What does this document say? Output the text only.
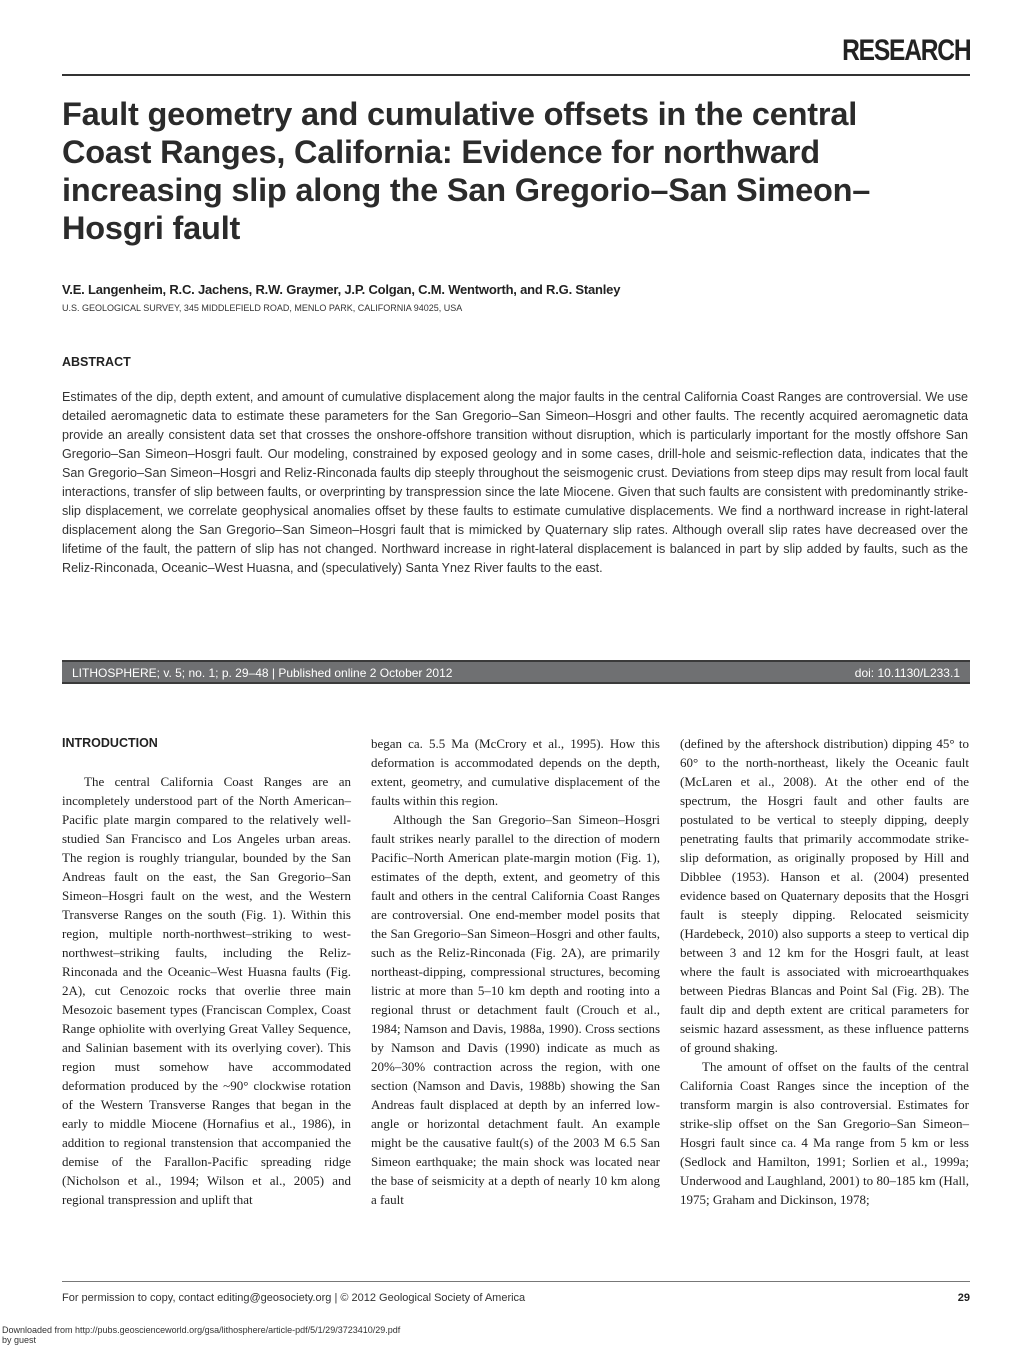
RESEARCH
Fault geometry and cumulative offsets in the central Coast Ranges, California: Evidence for northward increasing slip along the San Gregorio–San Simeon–Hosgri fault
V.E. Langenheim, R.C. Jachens, R.W. Graymer, J.P. Colgan, C.M. Wentworth, and R.G. Stanley
U.S. GEOLOGICAL SURVEY, 345 MIDDLEFIELD ROAD, MENLO PARK, CALIFORNIA 94025, USA
ABSTRACT

Estimates of the dip, depth extent, and amount of cumulative displacement along the major faults in the central California Coast Ranges are controversial. We use detailed aeromagnetic data to estimate these parameters for the San Gregorio–San Simeon–Hosgri and other faults. The recently acquired aeromagnetic data provide an areally consistent data set that crosses the onshore-offshore transition without disruption, which is particularly important for the mostly offshore San Gregorio–San Simeon–Hosgri fault. Our modeling, constrained by exposed geology and in some cases, drill-hole and seismic-reflection data, indicates that the San Gregorio–San Simeon–Hosgri and Reliz-Rinconada faults dip steeply throughout the seismogenic crust. Deviations from steep dips may result from local fault interactions, transfer of slip between faults, or overprinting by transpression since the late Miocene. Given that such faults are consistent with predominantly strike-slip displacement, we correlate geophysical anomalies offset by these faults to estimate cumulative displacements. We find a northward increase in right-lateral displacement along the San Gregorio–San Simeon–Hosgri fault that is mimicked by Quaternary slip rates. Although overall slip rates have decreased over the lifetime of the fault, the pattern of slip has not changed. Northward increase in right-lateral displacement is balanced in part by slip added by faults, such as the Reliz-Rinconada, Oceanic–West Huasna, and (speculatively) Santa Ynez River faults to the east.

LITHOSPHERE; v. 5; no. 1; p. 29–48 | Published online 2 October 2012	doi: 10.1130/L233.1
INTRODUCTION

The central California Coast Ranges are an incompletely understood part of the North American–Pacific plate margin compared to the relatively well-studied San Francisco and Los Angeles urban areas. The region is roughly triangular, bounded by the San Andreas fault on the east, the San Gregorio–San Simeon–Hosgri fault on the west, and the Western Transverse Ranges on the south (Fig. 1). Within this region, multiple north-northwest–striking to west-northwest–striking faults, including the Reliz-Rinconada and the Oceanic–West Huasna faults (Fig. 2A), cut Cenozoic rocks that overlie three main Mesozoic basement types (Franciscan Complex, Coast Range ophiolite with overlying Great Valley Sequence, and Salinian basement with its overlying cover). This region must somehow have accommodated deformation produced by the ~90° clockwise rotation of the Western Transverse Ranges that began in the early to middle Miocene (Hornafius et al., 1986), in addition to regional transtension that accompanied the demise of the Farallon-Pacific spreading ridge (Nicholson et al., 1994; Wilson et al., 2005) and regional transpression and uplift that

began ca. 5.5 Ma (McCrory et al., 1995). How this deformation is accommodated depends on the depth, extent, geometry, and cumulative displacement of the faults within this region.

Although the San Gregorio–San Simeon–Hosgri fault strikes nearly parallel to the direction of modern Pacific–North American plate-margin motion (Fig. 1), estimates of the depth, extent, and geometry of this fault and others in the central California Coast Ranges are controversial. One end-member model posits that the San Gregorio–San Simeon–Hosgri and other faults, such as the Reliz-Rinconada (Fig. 2A), are primarily northeast-dipping, compressional structures, becoming listric at more than 5–10 km depth and rooting into a regional thrust or detachment fault (Crouch et al., 1984; Namson and Davis, 1988a, 1990). Cross sections by Namson and Davis (1990) indicate as much as 20%–30% contraction across the region, with one section (Namson and Davis, 1988b) showing the San Andreas fault displaced at depth by an inferred low-angle or horizontal detachment fault. An example might be the causative fault(s) of the 2003 M 6.5 San Simeon earthquake; the main shock was located near the base of seismicity at a depth of nearly 10 km along a fault

(defined by the aftershock distribution) dipping 45° to 60° to the north-northeast, likely the Oceanic fault (McLaren et al., 2008). At the other end of the spectrum, the Hosgri fault and other faults are postulated to be vertical to steeply dipping, deeply penetrating faults that primarily accommodate strike-slip deformation, as originally proposed by Hill and Dibblee (1953). Hanson et al. (2004) presented evidence based on Quaternary deposits that the Hosgri fault is steeply dipping. Relocated seismicity (Hardebeck, 2010) also supports a steep to vertical dip between 3 and 12 km for the Hosgri fault, at least where the fault is associated with microearthquakes between Piedras Blancas and Point Sal (Fig. 2B). The fault dip and depth extent are critical parameters for seismic hazard assessment, as these influence patterns of ground shaking.

The amount of offset on the faults of the central California Coast Ranges since the inception of the transform margin is also controversial. Estimates for strike-slip offset on the San Gregorio–San Simeon–Hosgri fault since ca. 4 Ma range from 5 km or less (Sedlock and Hamilton, 1991; Sorlien et al., 1999a; Underwood and Laughland, 2001) to 80–185 km (Hall, 1975; Graham and Dickinson, 1978;

For permission to copy, contact editing@geosociety.org | © 2012 Geological Society of America	29
Downloaded from http://pubs.geoscienceworld.org/gsa/lithosphere/article-pdf/5/1/29/3723410/29.pdf
by guest
